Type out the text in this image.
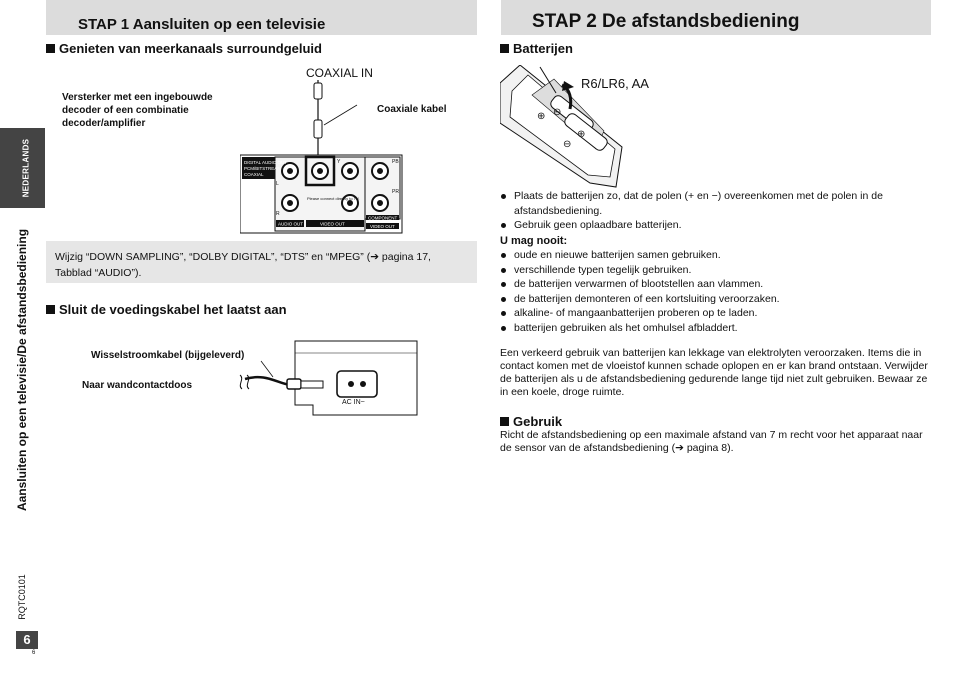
NEDERLANDS
Aansluiten op een televisie/De afstandsbediening
RQTC0101
6
6
STAP 1 Aansluiten op een televisie	STAP 2 De afstandsbediening
Genieten van meerkanaals surroundgeluid
COAXIAL IN
Versterker met een ingebouwde decoder of een combinatie decoder/amplifier
Coaxiale kabel
DIGITAL AUDIO OUT
PCM/BITSTREAM
COAXIAL
AUDIO OUT	VIDEO OUT
COMPONENT
VIDEO OUT
L
R
Y	PB
PR
Please connect directly to TV.
Wijzig “DOWN SAMPLING”, “DOLBY DIGITAL”, “DTS” en “MPEG” (➔ pagina 17, Tabblad “AUDIO”).
Sluit de voedingskabel het laatst aan
Wisselstroomkabel (bijgeleverd)
Naar wandcontactdoos
AC IN~
Batterijen
R6/LR6, AA
⊕ ⊖
⊖
⊕
Plaats de batterijen zo, dat de polen (+ en −) overeenkomen met de polen in de afstandsbediening.
Gebruik geen oplaadbare batterijen.
U mag nooit:
oude en nieuwe batterijen samen gebruiken.
verschillende typen tegelijk gebruiken.
de batterijen verwarmen of blootstellen aan vlammen.
de batterijen demonteren of een kortsluiting veroorzaken.
alkaline- of mangaanbatterijen proberen op te laden.
batterijen gebruiken als het omhulsel afbladdert.
Een verkeerd gebruik van batterijen kan lekkage van elektrolyten veroorzaken. Items die in contact komen met de vloeistof kunnen schade oplopen en er kan brand ontstaan. Verwijder de batterijen als u de afstandsbediening gedurende lange tijd niet zult gebruiken. Bewaar ze in een koele, droge ruimte.
Gebruik
Richt de afstandsbediening op een maximale afstand van 7 m recht voor het apparaat naar de sensor van de afstandsbediening (➔ pagina 8).
